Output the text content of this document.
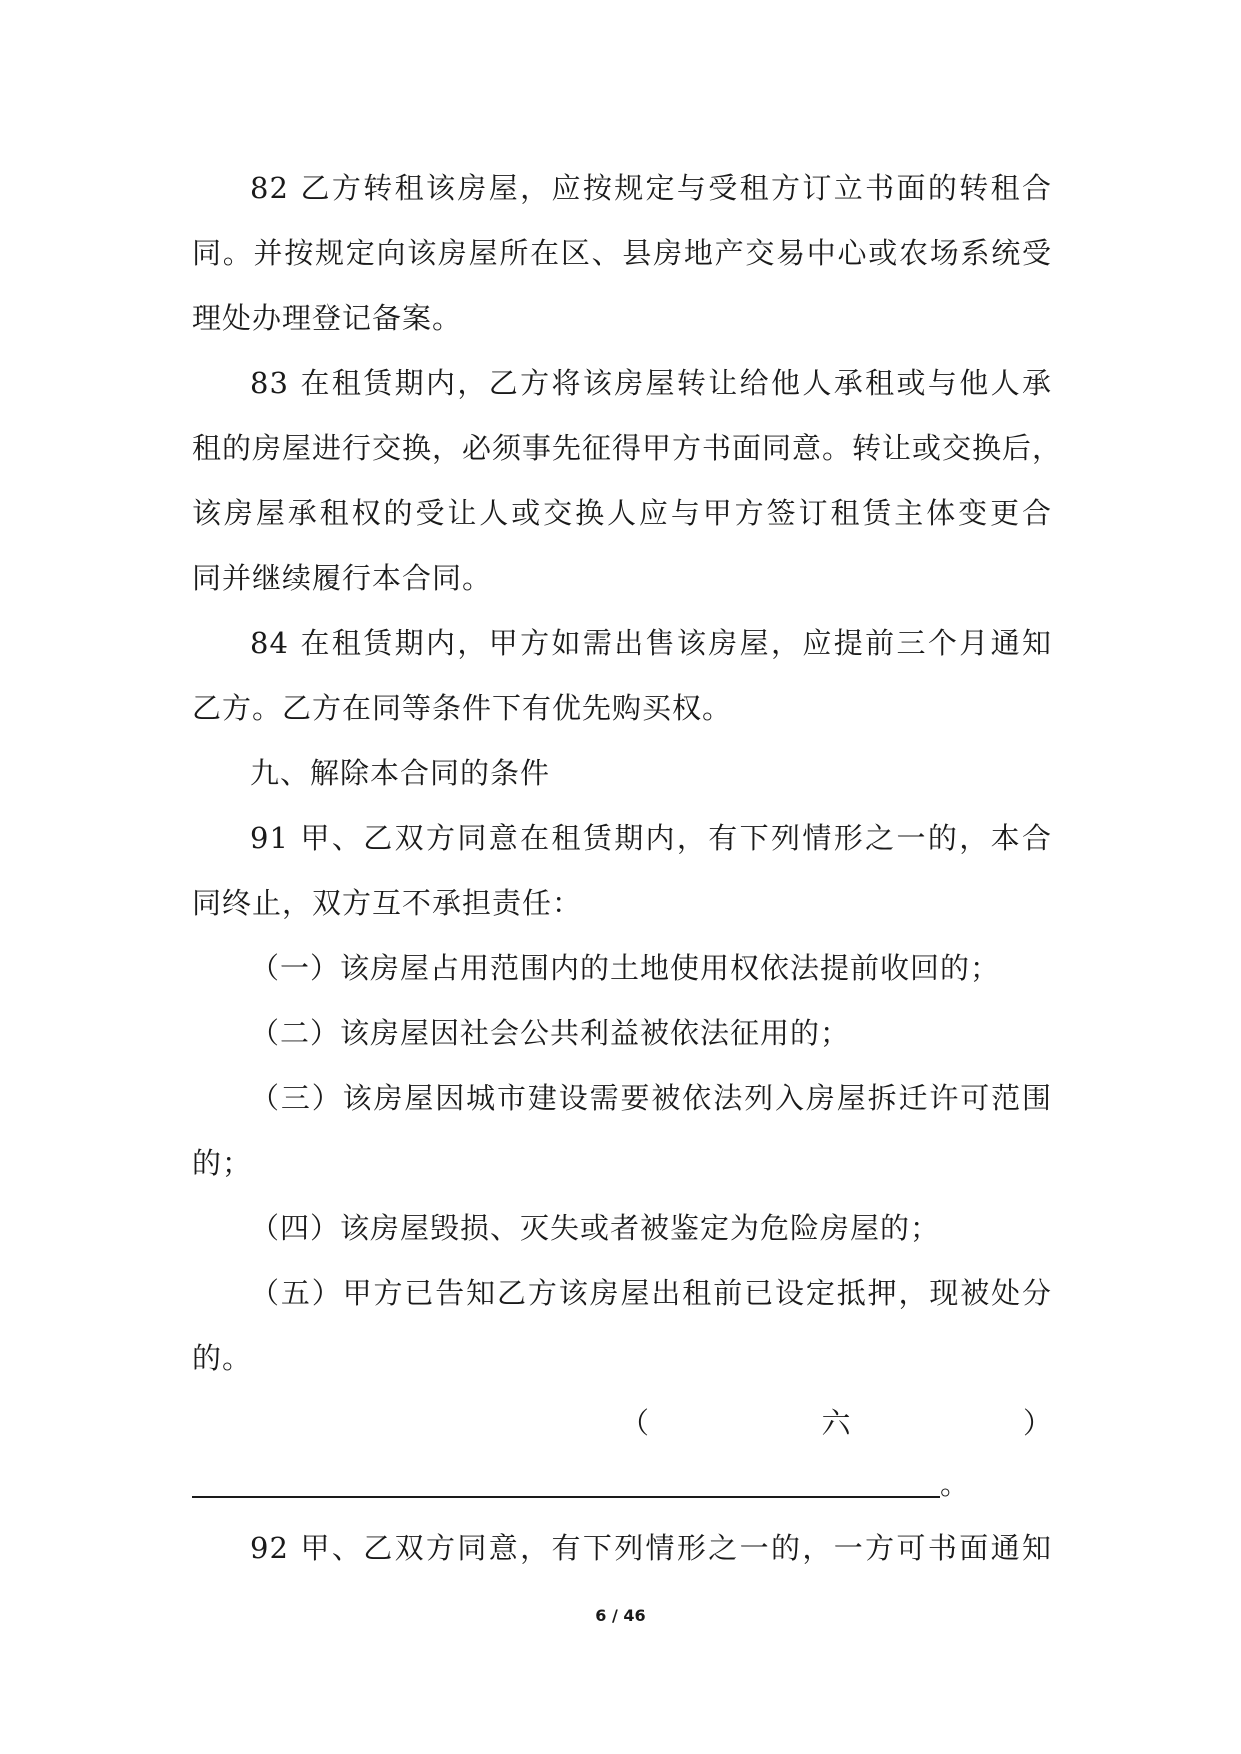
82 乙方转租该房屋，应按规定与受租方订立书面的转租合
同。并按规定向该房屋所在区、县房地产交易中心或农场系统受
理处办理登记备案。
83 在租赁期内，乙方将该房屋转让给他人承租或与他人承
租的房屋进行交换，必须事先征得甲方书面同意。转让或交换后，
该房屋承租权的受让人或交换人应与甲方签订租赁主体变更合
同并继续履行本合同。
84 在租赁期内，甲方如需出售该房屋，应提前三个月通知
乙方。乙方在同等条件下有优先购买权。
九、解除本合同的条件
91 甲、乙双方同意在租赁期内，有下列情形之一的，本合
同终止，双方互不承担责任：
（一）该房屋占用范围内的土地使用权依法提前收回的；
（二）该房屋因社会公共利益被依法征用的；
（三）该房屋因城市建设需要被依法列入房屋拆迁许可范围
的；
（四）该房屋毁损、灭失或者被鉴定为危险房屋的；
（五）甲方已告知乙方该房屋出租前已设定抵押，现被处分
的。
（	六	）
。
92 甲、乙双方同意，有下列情形之一的，一方可书面通知
6 / 46
